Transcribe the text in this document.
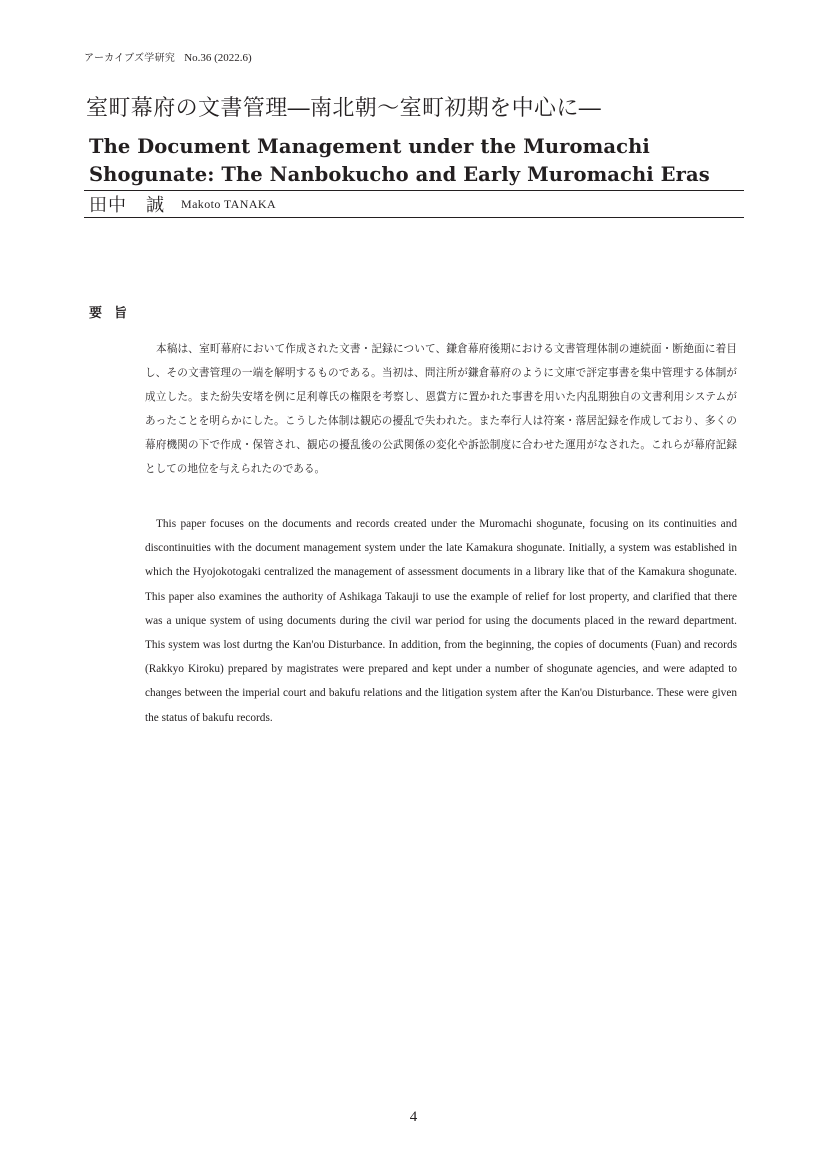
アーカイブズ学研究 No.36 (2022.6)
室町幕府の文書管理―南北朝～室町初期を中心に―
The Document Management under the Muromachi Shogunate: The Nanbokucho and Early Muromachi Eras
田中　誠 Makoto TANAKA
要旨

本稿は、室町幕府において作成された文書・記録について、鎌倉幕府後期における文書管理体制の連続面・断絶面に着目し、その文書管理の一端を解明するものである。当初は、問注所が鎌倉幕府のように文庫で評定事書を集中管理する体制が成立した。また紛失安堵を例に足利尊氏の権限を考察し、恩賞方に置かれた事書を用いた内乱期独自の文書利用システムがあったことを明らかにした。こうした体制は観応の擾乱で失われた。また奉行人は符案・落居記録を作成しており、多くの幕府機関の下で作成・保管され、観応の擾乱後の公武関係の変化や訴訟制度に合わせた運用がなされた。これらが幕府記録としての地位を与えられたのである。

This paper focuses on the documents and records created under the Muromachi shogunate, focusing on its continuities and discontinuities with the document management system under the late Kamakura shogunate. Initially, a system was established in which the Hyojokotogaki centralized the management of assessment documents in a library like that of the Kamakura shogunate. This paper also examines the authority of Ashikaga Takauji to use the example of relief for lost property, and clarified that there was a unique system of using documents during the civil war period for using the documents placed in the reward department. This system was lost durtng the Kan'ou Disturbance. In addition, from the beginning, the copies of documents (Fuan) and records (Rakkyo Kiroku) prepared by magistrates were prepared and kept under a number of shogunate agencies, and were adapted to changes between the imperial court and bakufu relations and the litigation system after the Kan'ou Disturbance. These were given the status of bakufu records.

4
